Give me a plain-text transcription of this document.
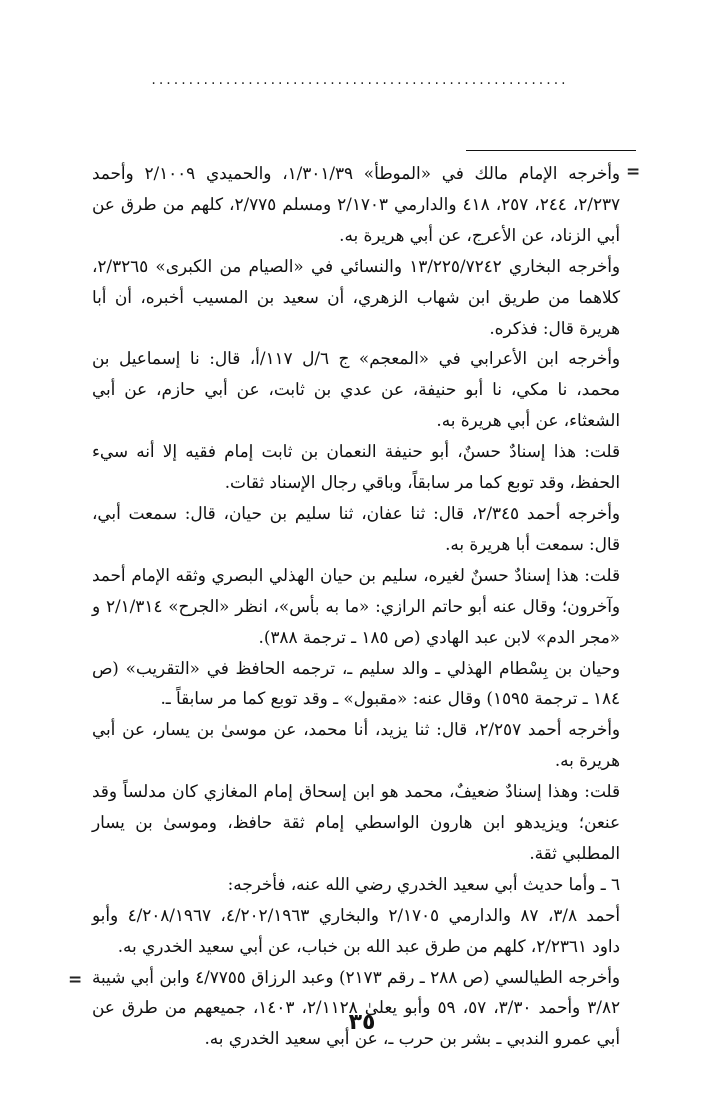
........................................................
=

وأخرجه الإمام مالك في «الموطأ» ١/٣٠١/٣٩، والحميدي ٢/١٠٠٩ وأحمد ٢/٢٣٧، ٢٤٤، ٢٥٧، ٤١٨ والدارمي ٢/١٧٠٣ ومسلم ٢/٧٧٥، كلهم من طرق عن أبي الزناد، عن الأعرج، عن أبي هريرة به.

وأخرجه البخاري ١٣/٢٢٥/٧٢٤٢ والنسائي في «الصيام من الكبرى» ٢/٣٢٦٥، كلاهما من طريق ابن شهاب الزهري، أن سعيد بن المسيب أخبره، أن أبا هريرة قال: فذكره.

وأخرجه ابن الأعرابي في «المعجم» ج ٦/ل ١١٧/أ، قال: نا إسماعيل بن محمد، نا مكي، نا أبو حنيفة، عن عدي بن ثابت، عن أبي حازم، عن أبي الشعثاء، عن أبي هريرة به.

قلت: هذا إسنادٌ حسنٌ، أبو حنيفة النعمان بن ثابت إمام فقيه إلا أنه سيء الحفظ، وقد توبع كما مر سابقاً، وباقي رجال الإسناد ثقات.

وأخرجه أحمد ٢/٣٤٥، قال: ثنا عفان، ثنا سليم بن حيان، قال: سمعت أبي، قال: سمعت أبا هريرة به.

قلت: هذا إسنادٌ حسنٌ لغيره، سليم بن حيان الهذلي البصري وثقه الإمام أحمد وآخرون؛ وقال عنه أبو حاتم الرازي: «ما به بأس»، انظر «الجرح» ٢/١/٣١٤ و «مجر الدم» لابن عبد الهادي (ص ١٨٥ ـ ترجمة ٣٨٨).

وحيان بن بِسْطام الهذلي ـ والد سليم ـ، ترجمه الحافظ في «التقريب» (ص ١٨٤ ـ ترجمة ١٥٩٥) وقال عنه: «مقبول» ـ وقد توبع كما مر سابقاً ـ.

وأخرجه أحمد ٢/٢٥٧، قال: ثنا يزيد، أنا محمد، عن موسىٰ بن يسار، عن أبي هريرة به.

قلت: وهذا إسنادٌ ضعيفٌ، محمد هو ابن إسحاق إمام المغازي كان مدلساً وقد عنعن؛ ويزيدهو ابن هارون الواسطي إمام ثقة حافظ، وموسىٰ بن يسار المطلبي ثقة.

٦ ـ وأما حديث أبي سعيد الخدري رضي الله عنه، فأخرجه:

أحمد ٣/٨، ٨٧ والدارمي ٢/١٧٠٥ والبخاري ٤/٢٠٢/١٩٦٣، ٤/٢٠٨/١٩٦٧ وأبو داود ٢/٢٣٦١، كلهم من طرق عبد الله بن خباب، عن أبي سعيد الخدري به.

وأخرجه الطيالسي (ص ٢٨٨ ـ رقم ٢١٧٣) وعبد الرزاق ٤/٧٧٥٥ وابن أبي شيبة ٣/٨٢ وأحمد ٣/٣٠، ٥٧، ٥٩ وأبو يعلىٰ ٢/١١٢٨، ١٤٠٣، جميعهم من طرق عن أبي عمرو الندبي ـ بشر بن حرب ـ، عن أبي سعيد الخدري به.

=
٣٥
